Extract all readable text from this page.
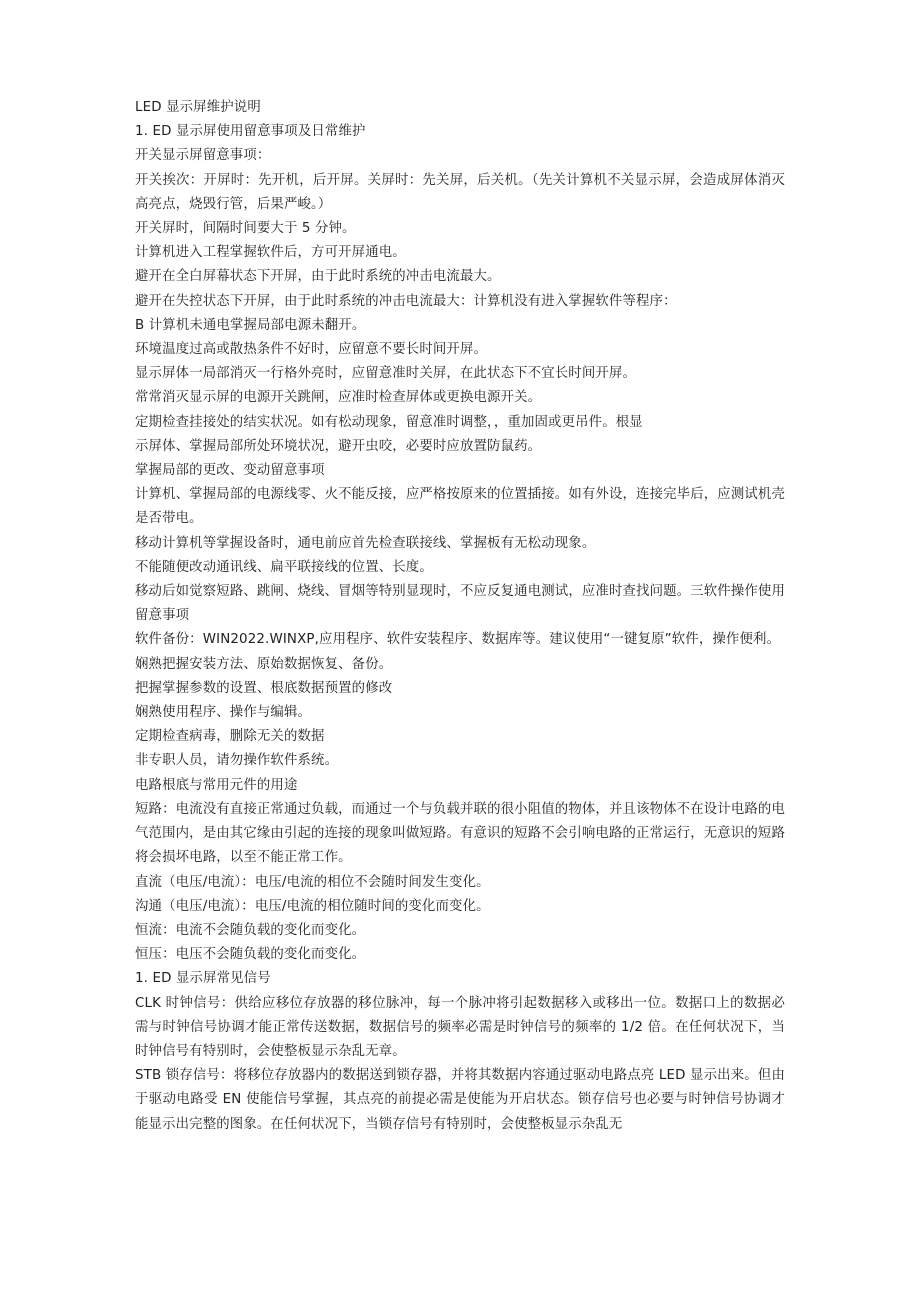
LED 显示屏维护说明

1. ED 显示屏使用留意事项及日常维护

开关显示屏留意事项：

开关挨次：开屏时：先开机，后开屏。关屏时：先关屏，后关机。（先关计算机不关显示屏，会造成屏体消灭高亮点，烧毁行管，后果严峻。）

开关屏时，间隔时间要大于 5 分钟。

计算机进入工程掌握软件后，方可开屏通电。

避开在全白屏幕状态下开屏，由于此时系统的冲击电流最大。

避开在失控状态下开屏，由于此时系统的冲击电流最大：计算机没有进入掌握软件等程序：

B 计算机未通电掌握局部电源未翻开。

环境温度过高或散热条件不好时，应留意不要长时间开屏。

显示屏体一局部消灭一行格外亮时，应留意准时关屏，在此状态下不宜长时间开屏。

常常消灭显示屏的电源开关跳闸，应准时检查屏体或更换电源开关。

定期检查挂接处的结实状况。如有松动现象，留意准时调整，，重加固或更吊件。根显

示屏体、掌握局部所处环境状况，避开虫咬，必要时应放置防鼠药。

掌握局部的更改、变动留意事项

计算机、掌握局部的电源线零、火不能反接，应严格按原来的位置插接。如有外设，连接完毕后，应测试机壳是否带电。

移动计算机等掌握设备时，通电前应首先检查联接线、掌握板有无松动现象。

不能随便改动通讯线、扁平联接线的位置、长度。

移动后如觉察短路、跳闸、烧线、冒烟等特别显现时，不应反复通电测试，应准时查找问题。三软件操作使用留意事项

软件备份：WIN2022.WINXP,应用程序、软件安装程序、数据库等。建议使用“一键复原”软件，操作便利。

娴熟把握安装方法、原始数据恢复、备份。

把握掌握参数的设置、根底数据预置的修改

娴熟使用程序、操作与编辑。

定期检查病毒，删除无关的数据

非专职人员，请勿操作软件系统。

电路根底与常用元件的用途

短路：电流没有直接正常通过负载，而通过一个与负载并联的很小阻值的物体，并且该物体不在设计电路的电气范围内，是由其它缘由引起的连接的现象叫做短路。有意识的短路不会引响电路的正常运行，无意识的短路将会损坏电路，以至不能正常工作。

直流（电压/电流）：电压/电流的相位不会随时间发生变化。

沟通（电压/电流）：电压/电流的相位随时间的变化而变化。

恒流：电流不会随负载的变化而变化。

恒压：电压不会随负载的变化而变化。

1. ED 显示屏常见信号

CLK 时钟信号：供给应移位存放器的移位脉冲，每一个脉冲将引起数据移入或移出一位。数据口上的数据必需与时钟信号协调才能正常传送数据，数据信号的频率必需是时钟信号的频率的 1/2 倍。在任何状况下，当时钟信号有特别时，会使整板显示杂乱无章。

STB 锁存信号：将移位存放器内的数据送到锁存器，并将其数据内容通过驱动电路点亮 LED 显示出来。但由于驱动电路受 EN 使能信号掌握，其点亮的前提必需是使能为开启状态。锁存信号也必要与时钟信号协调才能显示出完整的图象。在任何状况下，当锁存信号有特别时，会使整板显示杂乱无
